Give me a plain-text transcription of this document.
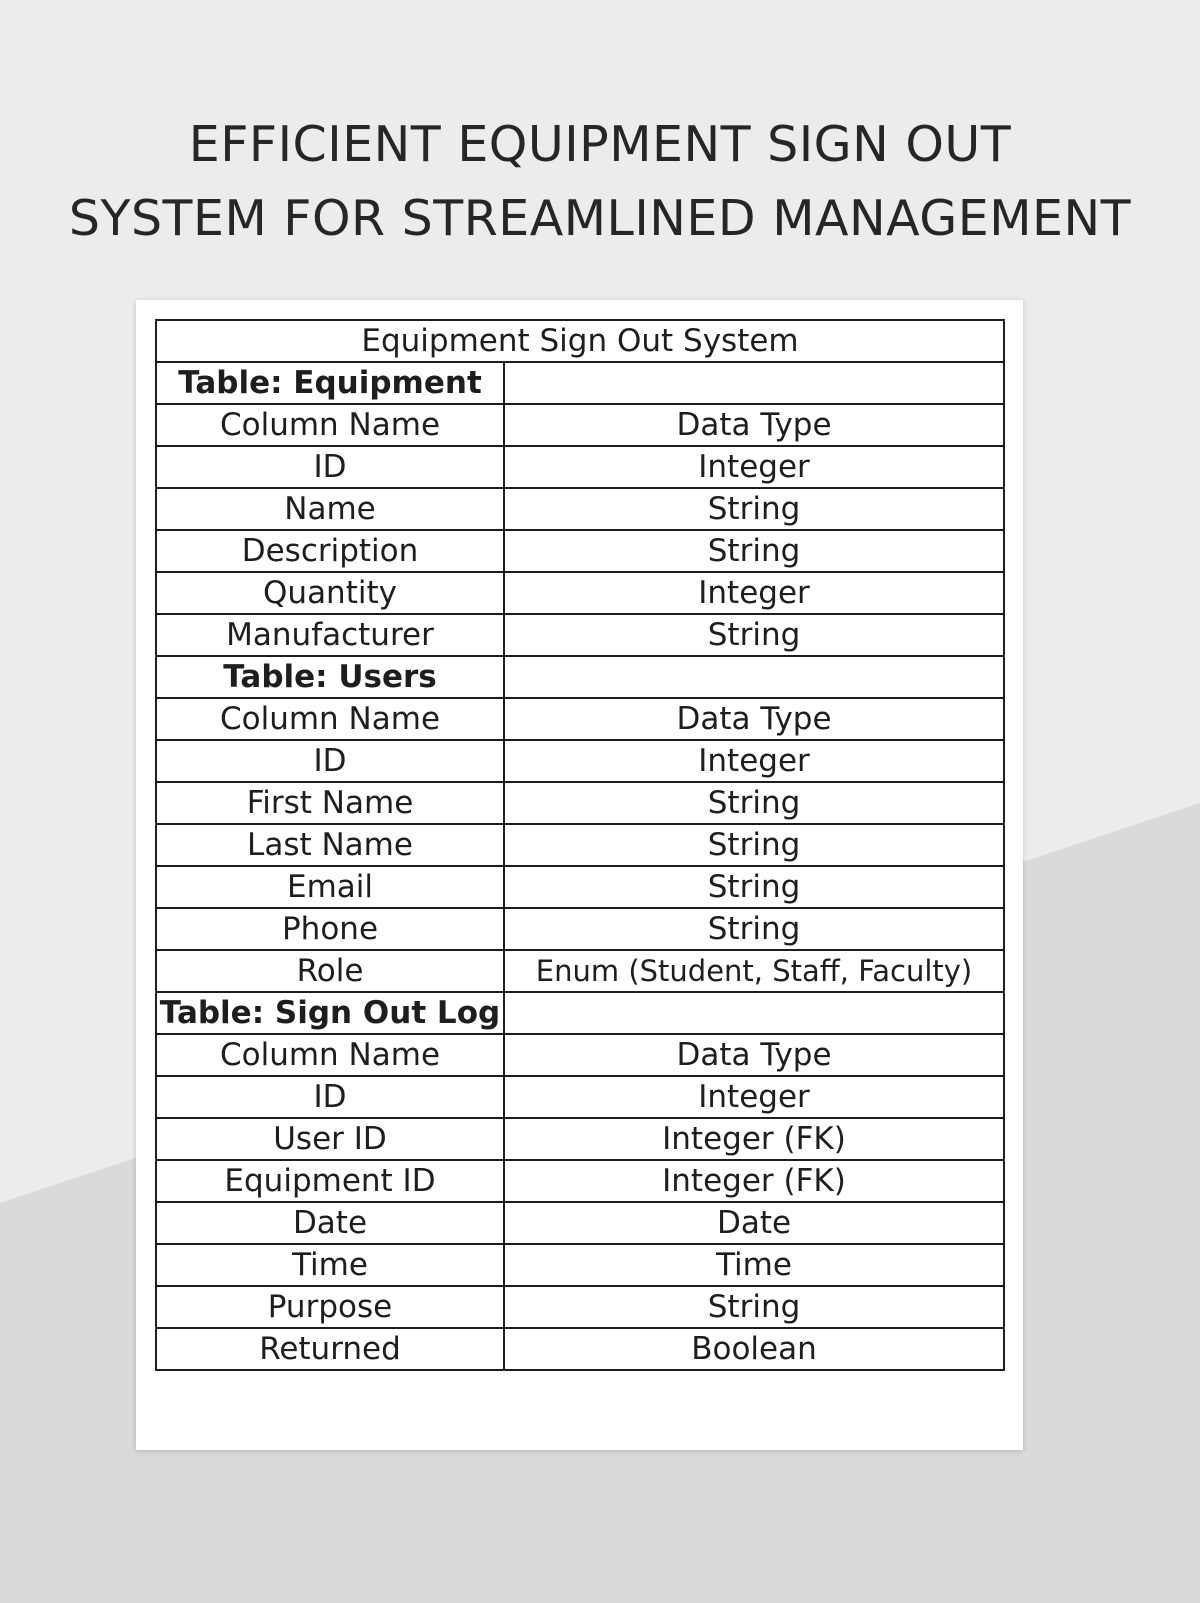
EFFICIENT EQUIPMENT SIGN OUT
SYSTEM FOR STREAMLINED MANAGEMENT
Equipment Sign Out System	
Table: Equipment	
Column Name	Data Type
ID	Integer
Name	String
Description	String
Quantity	Integer
Manufacturer	String
Table: Users	
Column Name	Data Type
ID	Integer
First Name	String
Last Name	String
Email	String
Phone	String
Role	Enum (Student, Staff, Faculty)
Table: Sign Out Log	
Column Name	Data Type
ID	Integer
User ID	Integer (FK)
Equipment ID	Integer (FK)
Date	Date
Time	Time
Purpose	String
Returned	Boolean
